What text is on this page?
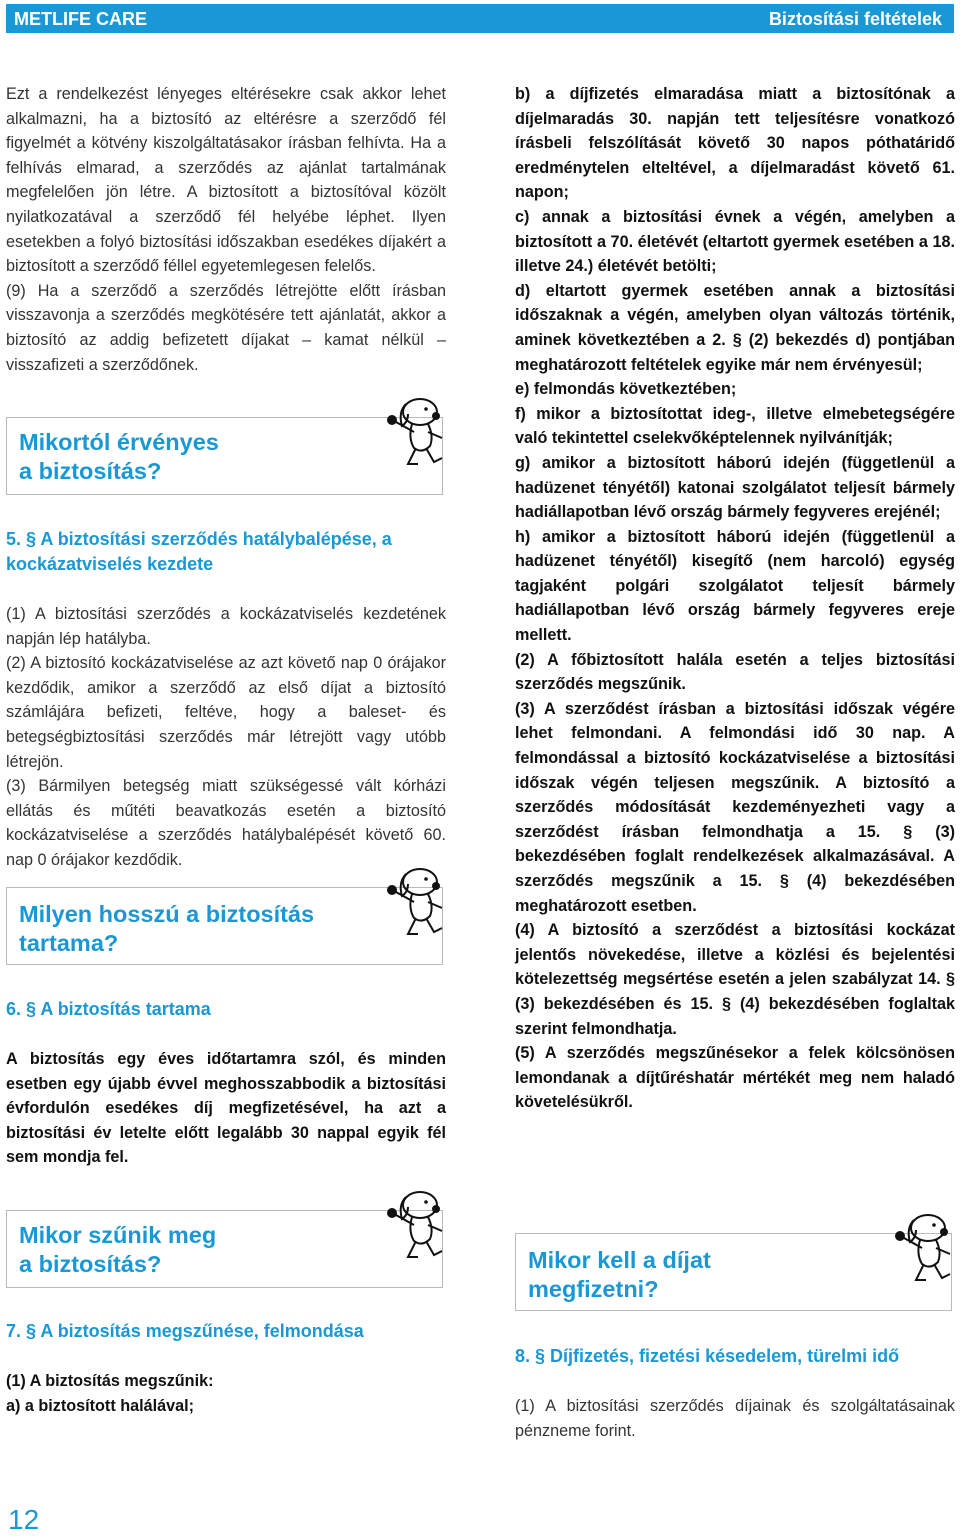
METLIFE CARE	Biztosítási feltételek

Ezt a rendelkezést lényeges eltérésekre csak akkor lehet alkalmazni, ha a biztosító az eltérésre a szerződő fél figyelmét a kötvény kiszolgáltatásakor írásban felhívta. Ha a felhívás elmarad, a szerződés az ajánlat tartalmának megfelelően jön létre. A biztosított a biztosítóval közölt nyilatkozatával a szerződő fél helyébe léphet. Ilyen esetekben a folyó biztosítási időszakban esedékes díjakért a biztosított a szerződő féllel egyetemlegesen felelős.

(9) Ha a szerződő a szerződés létrejötte előtt írásban visszavonja a szerződés megkötésére tett ajánlatát, akkor a biztosító az addig befizetett díjakat – kamat nélkül – visszafizeti a szerződőnek.

Mikortól érvényes
a biztosítás?
5. § A biztosítási szerződés hatálybalépése, a
kockázatviselés kezdete

(1) A biztosítási szerződés a kockázatviselés kezdetének napján lép hatályba.

(2) A biztosító kockázatviselése az azt követő nap 0 órájakor kezdődik, amikor a szerződő az első díjat a biztosító számlájára befizeti, feltéve, hogy a baleset- és betegségbiztosítási szerződés már létrejött vagy utóbb létrejön.

(3) Bármilyen betegség miatt szükségessé vált kórházi ellátás és műtéti beavatkozás esetén a biztosító kockázatviselése a szerződés hatálybalépését követő 60. nap 0 órájakor kezdődik.

Milyen hosszú a biztosítás
tartama?
6. § A biztosítás tartama

A biztosítás egy éves időtartamra szól, és minden esetben egy újabb évvel meghosszabbodik a biztosítási évfordulón esedékes díj megfizetésével, ha azt a biztosítási év letelte előtt legalább 30 nappal egyik fél sem mondja fel.

Mikor szűnik meg
a biztosítás?
7. § A biztosítás megszűnése, felmondása

(1) A biztosítás megszűnik:

a) a biztosított halálával;

b) a díjfizetés elmaradása miatt a biztosítónak a díjelmaradás 30. napján tett teljesítésre vonatkozó írásbeli felszólítását követő 30 napos póthatáridő eredménytelen elteltével, a díjelmaradást követő 61. napon;

c) annak a biztosítási évnek a végén, amelyben a biztosított a 70. életévét (eltartott gyermek esetében a 18. illetve 24.) életévét betölti;

d) eltartott gyermek esetében annak a biztosítási időszaknak a végén, amelyben olyan változás történik, aminek következtében a 2. § (2) bekezdés d) pontjában meghatározott feltételek egyike már nem érvényesül;

e) felmondás következtében;

f) mikor a biztosítottat ideg-, illetve elmebetegségére való tekintettel cselekvőképtelennek nyilvánítják;

g) amikor a biztosított háború idején (függetlenül a hadüzenet tényétől) katonai szolgálatot teljesít bármely hadiállapotban lévő ország bármely fegyveres erejénél;

h) amikor a biztosított háború idején (függetlenül a hadüzenet tényétől) kisegítő (nem harcoló) egység tagjaként polgári szolgálatot teljesít bármely hadiállapotban lévő ország bármely fegyveres ereje mellett.

(2) A főbiztosított halála esetén a teljes biztosítási szerződés megszűnik.

(3) A szerződést írásban a biztosítási időszak végére lehet felmondani. A felmondási idő 30 nap. A felmondással a biztosító kockázatviselése a biztosítási időszak végén teljesen megszűnik. A biztosító a szerződés módosítását kezdeményezheti vagy a szerződést írásban felmondhatja a 15. § (3) bekezdésében foglalt rendelkezések alkalmazásával. A szerződés megszűnik a 15. § (4) bekezdésében meghatározott esetben.

(4) A biztosító a szerződést a biztosítási kockázat jelentős növekedése, illetve a közlési és bejelentési kötelezettség megsértése esetén a jelen szabályzat 14. § (3) bekezdésében és 15. § (4) bekezdésében foglaltak szerint felmondhatja.

(5) A szerződés megszűnésekor a felek kölcsönösen lemondanak a díjtűréshatár mértékét meg nem haladó követelésükről.

Mikor kell a díjat
megfizetni?
8. § Díjfizetés, fizetési késedelem, türelmi idő

(1) A biztosítási szerződés díjainak és szolgáltatásainak pénzneme forint.

12
